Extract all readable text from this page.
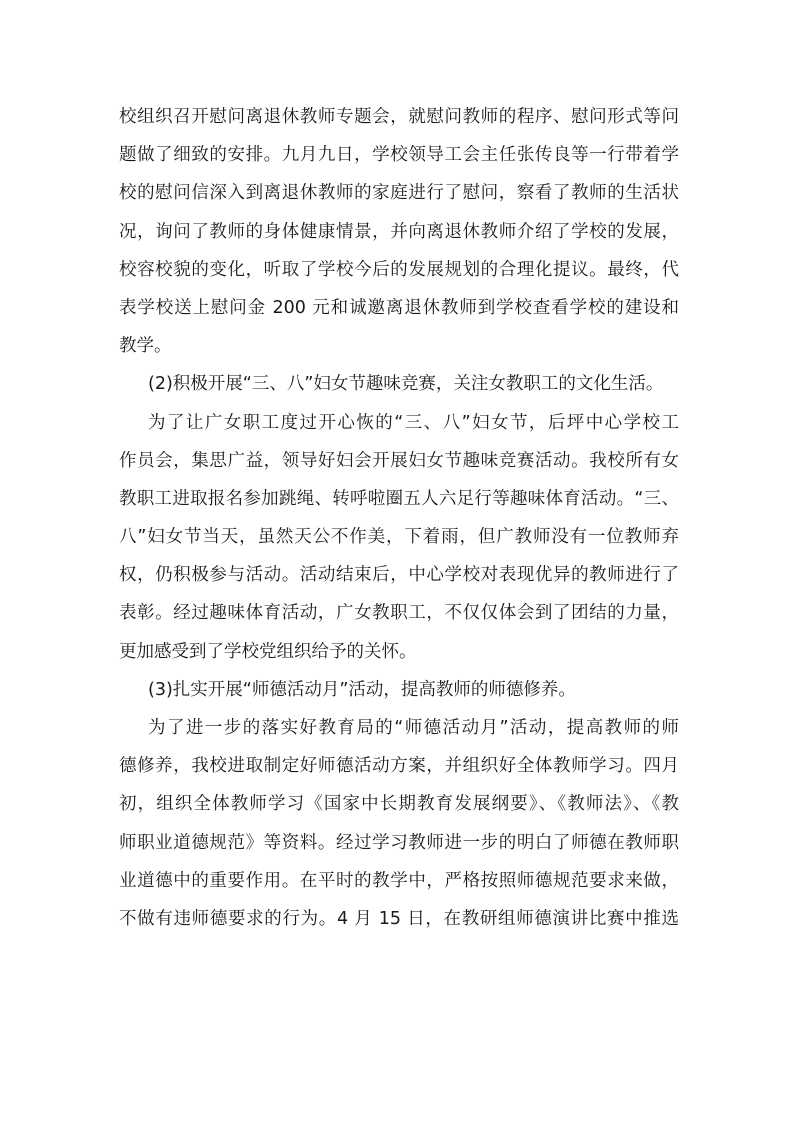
校组织召开慰问离退休教师专题会，就慰问教师的程序、慰问形式等问
题做了细致的安排。九月九日，学校领导工会主任张传良等一行带着学
校的慰问信深入到离退休教师的家庭进行了慰问，察看了教师的生活状
况，询问了教师的身体健康情景，并向离退休教师介绍了学校的发展，
校容校貌的变化，听取了学校今后的发展规划的合理化提议。最终，代
表学校送上慰问金 200 元和诚邀离退休教师到学校查看学校的建设和
教学。
(2)积极开展“三、八”妇女节趣味竞赛，关注女教职工的文化生活。
为了让广女职工度过开心恢的“三、八”妇女节，后坪中心学校工
作员会，集思广益，领导好妇会开展妇女节趣味竞赛活动。我校所有女
教职工进取报名参加跳绳、转呼啦圈五人六足行等趣味体育活动。“三、
八”妇女节当天，虽然天公不作美，下着雨，但广教师没有一位教师弃
权，仍积极参与活动。活动结束后，中心学校对表现优异的教师进行了
表彰。经过趣味体育活动，广女教职工，不仅仅体会到了团结的力量，
更加感受到了学校党组织给予的关怀。
(3)扎实开展“师德活动月”活动，提高教师的师德修养。
为了进一步的落实好教育局的“师德活动月”活动，提高教师的师
德修养，我校进取制定好师德活动方案，并组织好全体教师学习。四月
初，组织全体教师学习《国家中长期教育发展纲要》、《教师法》、《教
师职业道德规范》等资料。经过学习教师进一步的明白了师德在教师职
业道德中的重要作用。在平时的教学中，严格按照师德规范要求来做，
不做有违师德要求的行为。4 月 15 日，在教研组师德演讲比赛中推选
